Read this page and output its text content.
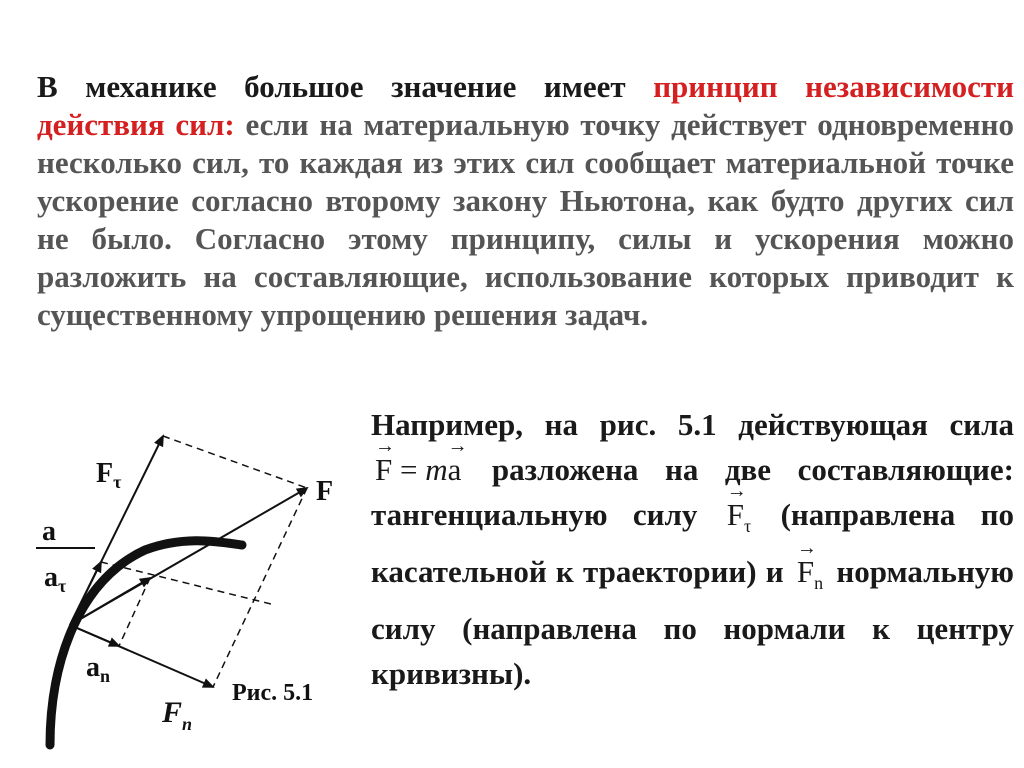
В механике большое значение имеет принцип независимости действия сил: если на материальную точку действует одновременно несколько сил, то каждая из этих сил сообщает материальной точке ускорение согласно второму закону Ньютона, как будто других сил не было. Согласно этому принципу, силы и ускорения можно разложить на составляющие, использование которых приводит к существенному упрощению решения задач.
Например, на рис. 5.1 действующая сила → F = m→ a разложена на две составляющие: тангенциальную силу → $F_\tau$ (направлена по касательной к траектории) $и \to F_n$ нормальную силу (направлена по нормали к центру кривизны).
F
$F_\tau$
a
$a_\tau$
$a_n$
$F_n$
Рис. 5.1
